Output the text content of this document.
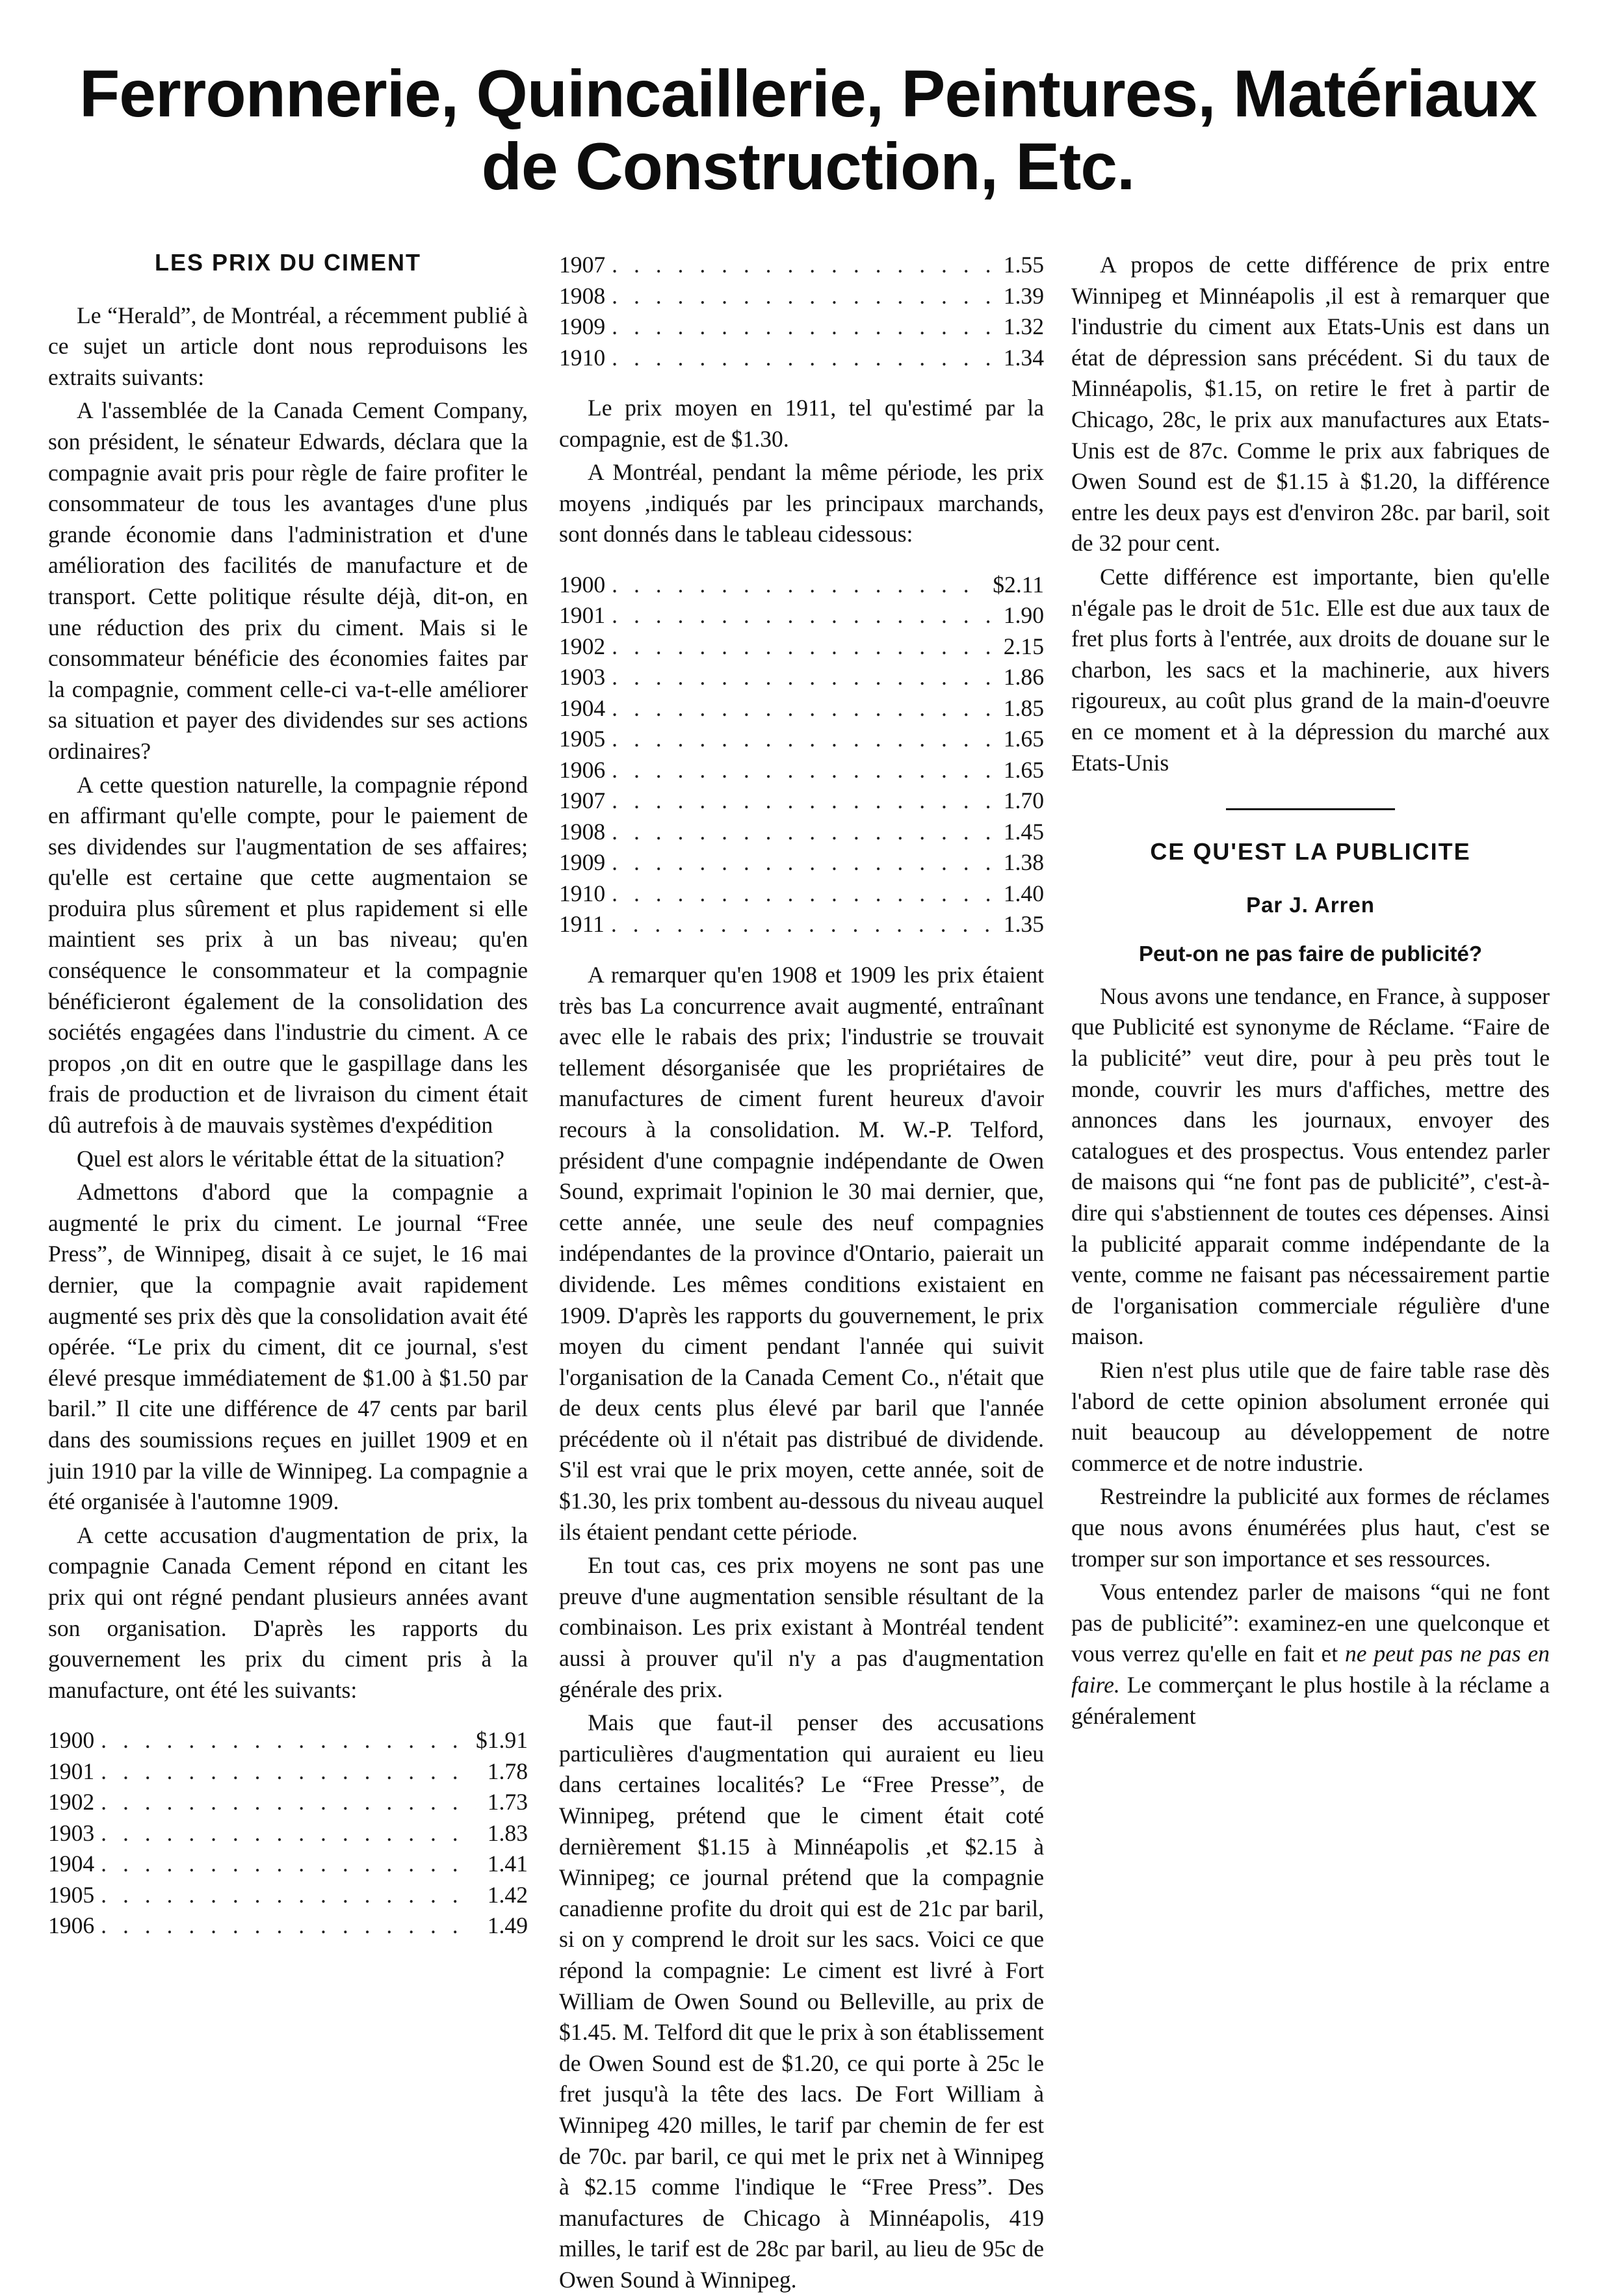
Ferronnerie, Quincaillerie, Peintures, Matériaux
de Construction, Etc.
LES PRIX DU CIMENT

Le “Herald”, de Montréal, a récemment publié à ce sujet un article dont nous reproduisons les extraits suivants:

A l'assemblée de la Canada Cement Company, son président, le sénateur Edwards, déclara que la compagnie avait pris pour règle de faire profiter le consommateur de tous les avantages d'une plus grande économie dans l'administration et d'une amélioration des facilités de manufacture et de transport. Cette politique résulte déjà, dit-on, en une réduction des prix du ciment. Mais si le consommateur bénéficie des économies faites par la compagnie, comment celle-ci va-t-elle améliorer sa situation et payer des dividendes sur ses actions ordinaires?

A cette question naturelle, la compagnie répond en affirmant qu'elle compte, pour le paiement de ses dividendes sur l'augmentation de ses affaires; qu'elle est certaine que cette augmentaion se produira plus sûrement et plus rapidement si elle maintient ses prix à un bas niveau; qu'en conséquence le consommateur et la compagnie bénéficieront également de la consolidation des sociétés engagées dans l'industrie du ciment. A ce propos ,on dit en outre que le gaspillage dans les frais de production et de livraison du ciment était dû autrefois à de mauvais systèmes d'expédition

Quel est alors le véritable éttat de la situation?

Admettons d'abord que la compagnie a augmenté le prix du ciment. Le journal “Free Press”, de Winnipeg, disait à ce sujet, le 16 mai dernier, que la compagnie avait rapidement augmenté ses prix dès que la consolidation avait été opérée. “Le prix du ciment, dit ce journal, s'est élevé presque immédiatement de $1.00 à $1.50 par baril.” Il cite une différence de 47 cents par baril dans des soumissions reçues en juillet 1909 et en juin 1910 par la ville de Winnipeg. La compagnie a été organisée à l'automne 1909.

A cette accusation d'augmentation de prix, la compagnie Canada Cement répond en citant les prix qui ont régné pendant plusieurs années avant son organisation. D'après les rapports du gouvernement les prix du ciment pris à la manufacture, ont été les suivants:

1900 . . .	$1.91
1901 . . .	1.78
1902 . . .	1.73
1903 . . .	1.83
1904 . . .	1.41
1905 . . .	1.42
1906 . . .	1.49
1907 . . .	1.55
1908 . . .	1.39
1909 . . .	1.32
1910 . . .	1.34

Le prix moyen en 1911, tel qu'estimé par la compagnie, est de $1.30.

A Montréal, pendant la même période, les prix moyens ,indiqués par les principaux marchands, sont donnés dans le tableau cidessous:

1900 . . .	$2.11
1901 . . .	1.90
1902 . . .	2.15
1903 . . .	1.86
1904 . . .	1.85
1905 . . .	1.65
1906 . . .	1.65
1907 . . .	1.70
1908 . . .	1.45
1909 . . .	1.38
1910 . . .	1.40
1911 . . .	1.35

A remarquer qu'en 1908 et 1909 les prix étaient très bas La concurrence avait augmenté, entraînant avec elle le rabais des prix; l'industrie se trouvait tellement désorganisée que les propriétaires de manufactures de ciment furent heureux d'avoir recours à la consolidation. M. W.-P. Telford, président d'une compagnie indépendante de Owen Sound, exprimait l'opinion le 30 mai dernier, que, cette année, une seule des neuf compagnies indépendantes de la province d'Ontario, paierait un dividende. Les mêmes conditions existaient en 1909. D'après les rapports du gouvernement, le prix moyen du ciment pendant l'année qui suivit l'organisation de la Canada Cement Co., n'était que de deux cents plus élevé par baril que l'année précédente où il n'était pas distribué de dividende. S'il est vrai que le prix moyen, cette année, soit de $1.30, les prix tombent au-dessous du niveau auquel ils étaient pendant cette période.

En tout cas, ces prix moyens ne sont pas une preuve d'une augmentation sensible résultant de la combinaison. Les prix existant à Montréal tendent aussi à prouver qu'il n'y a pas d'augmentation générale des prix.

Mais que faut-il penser des accusations particulières d'augmentation qui auraient eu lieu dans certaines localités? Le “Free Presse”, de Winnipeg, prétend que le ciment était coté dernièrement $1.15 à Minnéapolis ,et $2.15 à Winnipeg; ce journal prétend que la compagnie canadienne profite du droit qui est de 21c par baril, si on y comprend le droit sur les sacs. Voici ce que répond la compagnie: Le ciment est livré à Fort William de Owen Sound ou Belleville, au prix de $1.45. M. Telford dit que le prix à son établissement de Owen Sound est de $1.20, ce qui porte à 25c le fret jusqu'à la tête des lacs. De Fort William à Winnipeg 420 milles, le tarif par chemin de fer est de 70c. par baril, ce qui met le prix net à Winnipeg à $2.15 comme l'indique le “Free Press”. Des manufactures de Chicago à Minnéapolis, 419 milles, le tarif est de 28c par baril, au lieu de 95c de Owen Sound à Winnipeg.

A propos de cette différence de prix entre Winnipeg et Minnéapolis ,il est à remarquer que l'industrie du ciment aux Etats-Unis est dans un état de dépression sans précédent. Si du taux de Minnéapolis, $1.15, on retire le fret à partir de Chicago, 28c, le prix aux manufactures aux Etats-Unis est de 87c. Comme le prix aux fabriques de Owen Sound est de $1.15 à $1.20, la différence entre les deux pays est d'environ 28c. par baril, soit de 32 pour cent.

Cette différence est importante, bien qu'elle n'égale pas le droit de 51c. Elle est due aux taux de fret plus forts à l'entrée, aux droits de douane sur le charbon, les sacs et la machinerie, aux hivers rigoureux, au coût plus grand de la main-d'oeuvre en ce moment et à la dépression du marché aux Etats-Unis

CE QU'EST LA PUBLICITE
Par J. Arren
Peut-on ne pas faire de publicité?

Nous avons une tendance, en France, à supposer que Publicité est synonyme de Réclame. “Faire de la publicité” veut dire, pour à peu près tout le monde, couvrir les murs d'affiches, mettre des annonces dans les journaux, envoyer des catalogues et des prospectus. Vous entendez parler de maisons qui “ne font pas de publicité”, c'est-à-dire qui s'abstiennent de toutes ces dépenses. Ainsi la publicité apparait comme indépendante de la vente, comme ne faisant pas nécessairement partie de l'organisation commerciale régulière d'une maison.

Rien n'est plus utile que de faire table rase dès l'abord de cette opinion absolument erronée qui nuit beaucoup au développement de notre commerce et de notre industrie.

Restreindre la publicité aux formes de réclames que nous avons énumérées plus haut, c'est se tromper sur son importance et ses ressources.

Vous entendez parler de maisons “qui ne font pas de publicité”: examinez-en une quelconque et vous verrez qu'elle en fait et ne peut pas ne pas en faire. Le commerçant le plus hostile à la réclame a généralement
